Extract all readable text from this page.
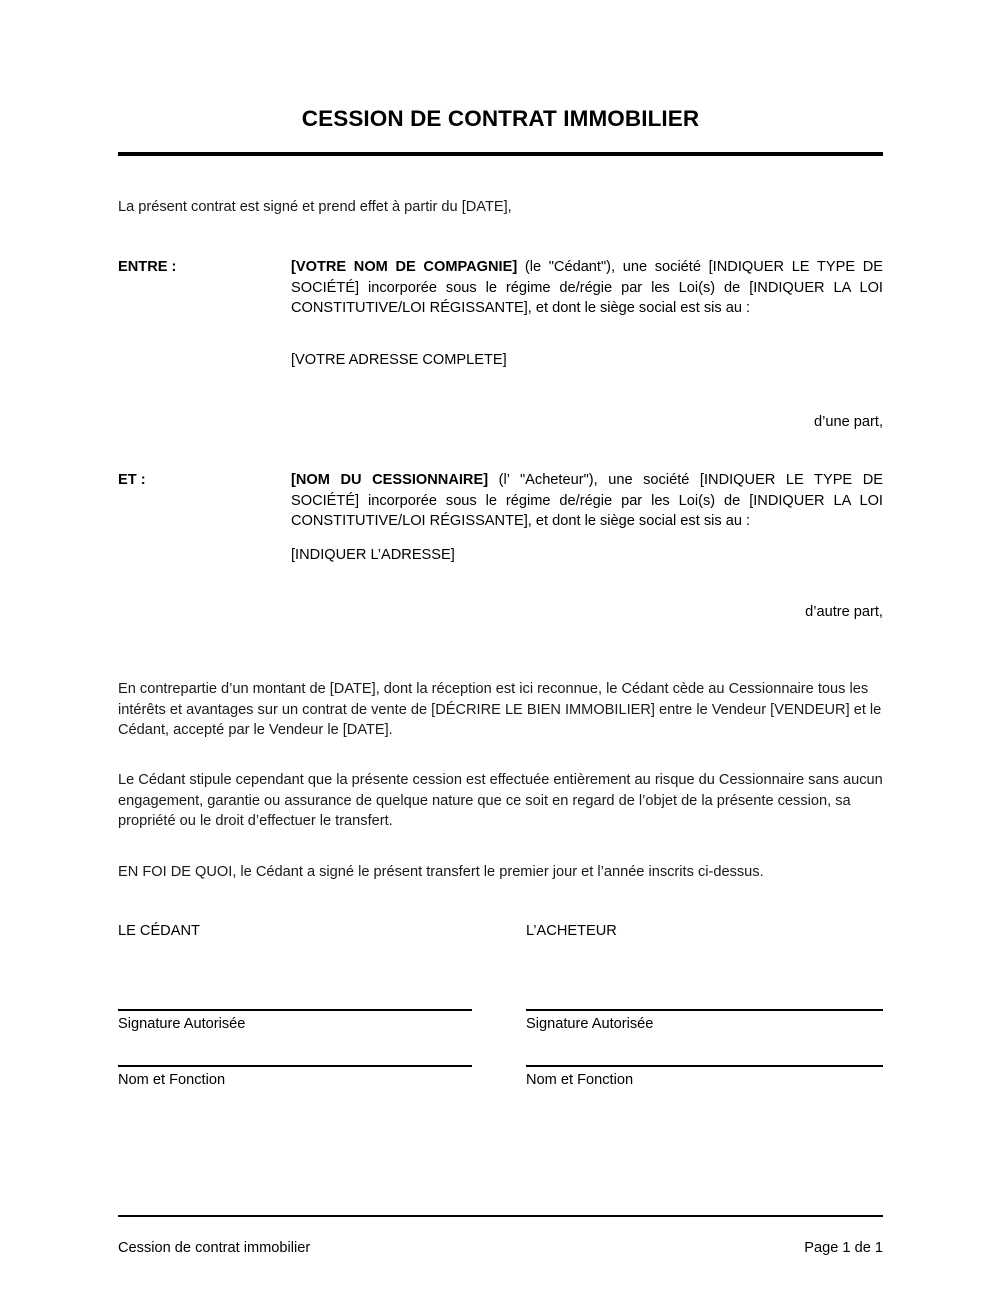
CESSION DE CONTRAT IMMOBILIER
La présent contrat est signé et prend effet à partir du [DATE],
ENTRE :	[VOTRE NOM DE COMPAGNIE] (le "Cédant"), une société [INDIQUER LE TYPE DE SOCIÉTÉ] incorporée sous le régime de/régie par les Loi(s) de [INDIQUER LA LOI CONSTITUTIVE/LOI RÉGISSANTE], et dont le siège social est sis au :
[VOTRE ADRESSE COMPLETE]
d’une part,
ET :	[NOM DU CESSIONNAIRE] (l’ "Acheteur"), une société [INDIQUER LE TYPE DE SOCIÉTÉ] incorporée sous le régime de/régie par les Loi(s) de [INDIQUER LA LOI CONSTITUTIVE/LOI RÉGISSANTE], et dont le siège social est sis au :
[INDIQUER L’ADRESSE]
d’autre part,
En contrepartie d’un montant de [DATE], dont la réception est ici reconnue, le Cédant cède au Cessionnaire tous les intérêts et avantages sur un contrat de vente de [DÉCRIRE LE BIEN IMMOBILIER] entre le Vendeur [VENDEUR] et le Cédant, accepté par le Vendeur le [DATE].
Le Cédant stipule cependant que la présente cession est effectuée entièrement au risque du Cessionnaire sans aucun engagement, garantie ou assurance de quelque nature que ce soit en regard de l’objet de la présente cession, sa propriété ou le droit d’effectuer le transfert.
EN FOI DE QUOI, le Cédant a signé le présent transfert le premier jour et l’année inscrits ci-dessus.
LE CÉDANT	L’ACHETEUR
Signature Autorisée	Signature Autorisée
Nom et Fonction	Nom et Fonction
Cession de contrat immobilier	Page 1 de 1
